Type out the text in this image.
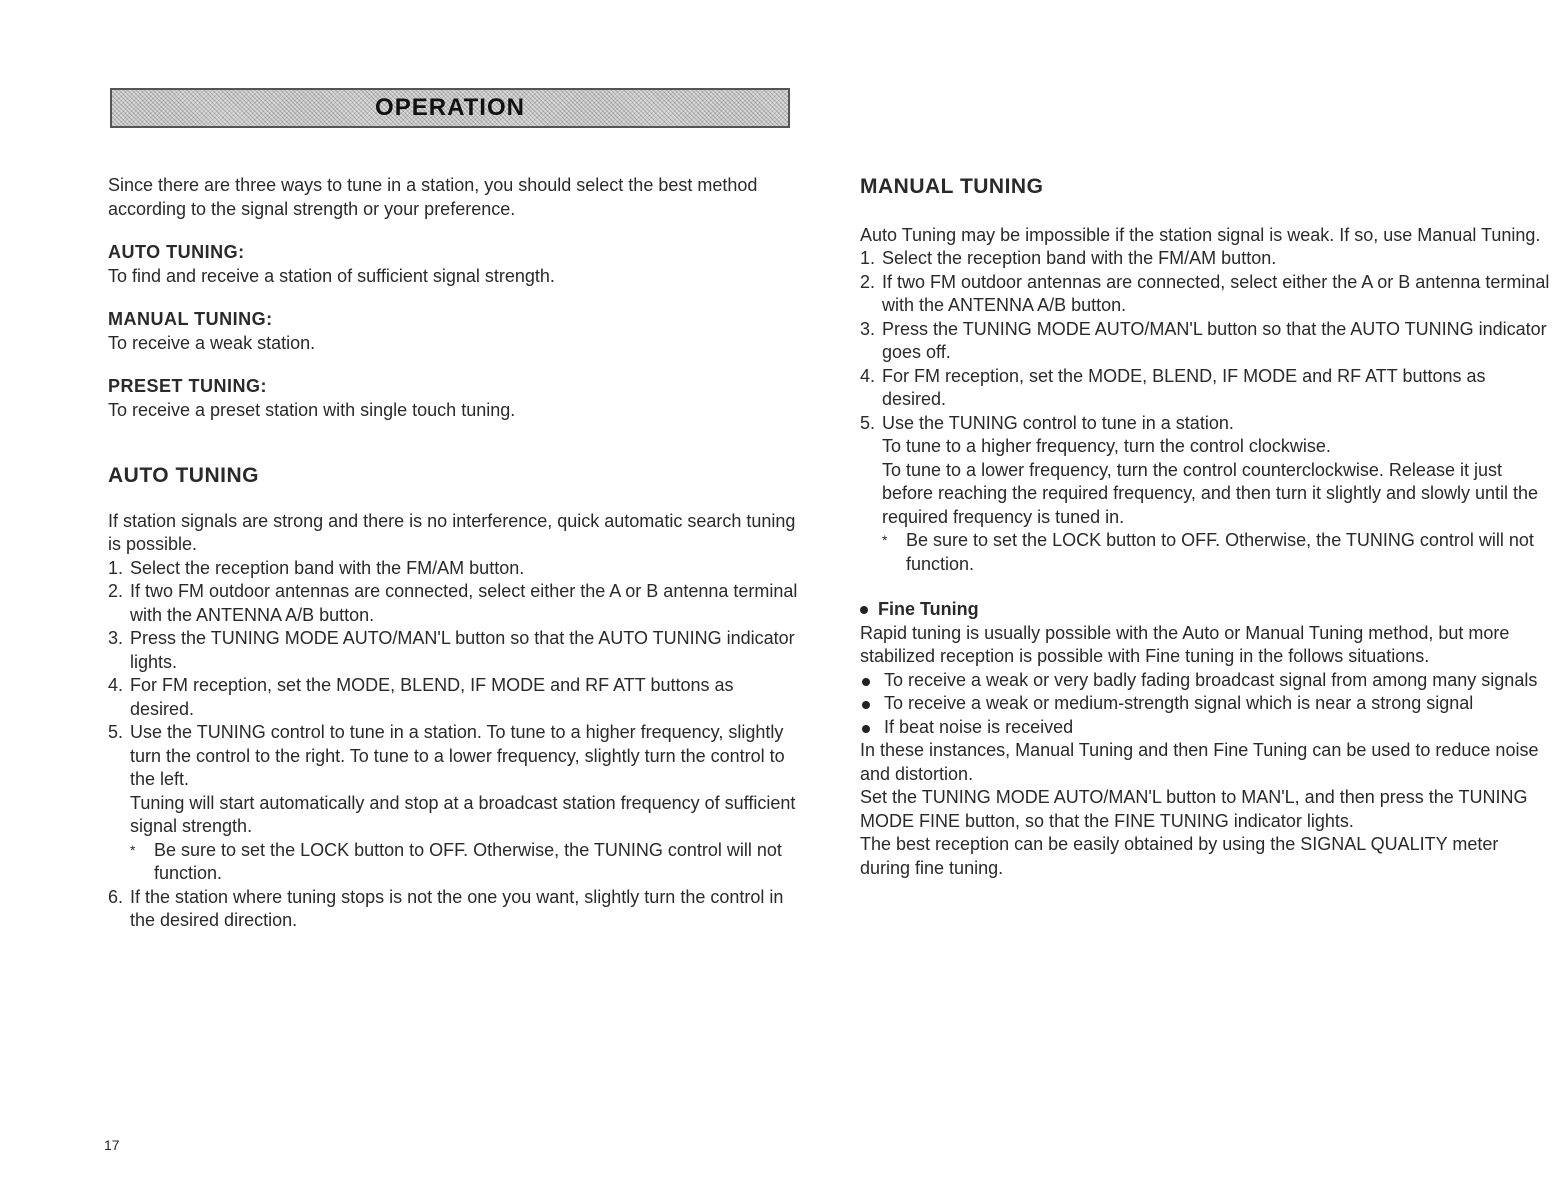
OPERATION

Since there are three ways to tune in a station, you should select the best method according to the signal strength or your preference.

AUTO TUNING:

To find and receive a station of sufficient signal strength.

MANUAL TUNING:

To receive a weak station.

PRESET TUNING:

To receive a preset station with single touch tuning.

AUTO TUNING

If station signals are strong and there is no interference, quick automatic search tuning is possible.

1. Select the reception band with the FM/AM button.
2. If two FM outdoor antennas are connected, select either the A or B antenna terminal with the ANTENNA A/B button.
3. Press the TUNING MODE AUTO/MAN'L button so that the AUTO TUNING indicator lights.
4. For FM reception, set the MODE, BLEND, IF MODE and RF ATT buttons as desired.
5. Use the TUNING control to tune in a station. To tune to a higher frequency, slightly turn the control to the right. To tune to a lower frequency, slightly turn the control to the left.
Tuning will start automatically and stop at a broadcast station frequency of sufficient signal strength.
* Be sure to set the LOCK button to OFF. Otherwise, the TUNING control will not function.
6. If the station where tuning stops is not the one you want, slightly turn the control in the desired direction.
MANUAL TUNING

Auto Tuning may be impossible if the station signal is weak. If so, use Manual Tuning.

1. Select the reception band with the FM/AM button.
2. If two FM outdoor antennas are connected, select either the A or B antenna terminal with the ANTENNA A/B button.
3. Press the TUNING MODE AUTO/MAN'L button so that the AUTO TUNING indicator goes off.
4. For FM reception, set the MODE, BLEND, IF MODE and RF ATT buttons as desired.
5. Use the TUNING control to tune in a station.
To tune to a higher frequency, turn the control clockwise.
To tune to a lower frequency, turn the control counterclockwise. Release it just before reaching the required frequency, and then turn it slightly and slowly until the required frequency is tuned in.
* Be sure to set the LOCK button to OFF. Otherwise, the TUNING control will not function.
Fine Tuning

Rapid tuning is usually possible with the Auto or Manual Tuning method, but more stabilized reception is possible with Fine tuning in the follows situations.

To receive a weak or very badly fading broadcast signal from among many signals
To receive a weak or medium-strength signal which is near a strong signal
If beat noise is received

In these instances, Manual Tuning and then Fine Tuning can be used to reduce noise and distortion.

Set the TUNING MODE AUTO/MAN'L button to MAN'L, and then press the TUNING MODE FINE button, so that the FINE TUNING indicator lights.

The best reception can be easily obtained by using the SIGNAL QUALITY meter during fine tuning.

17
